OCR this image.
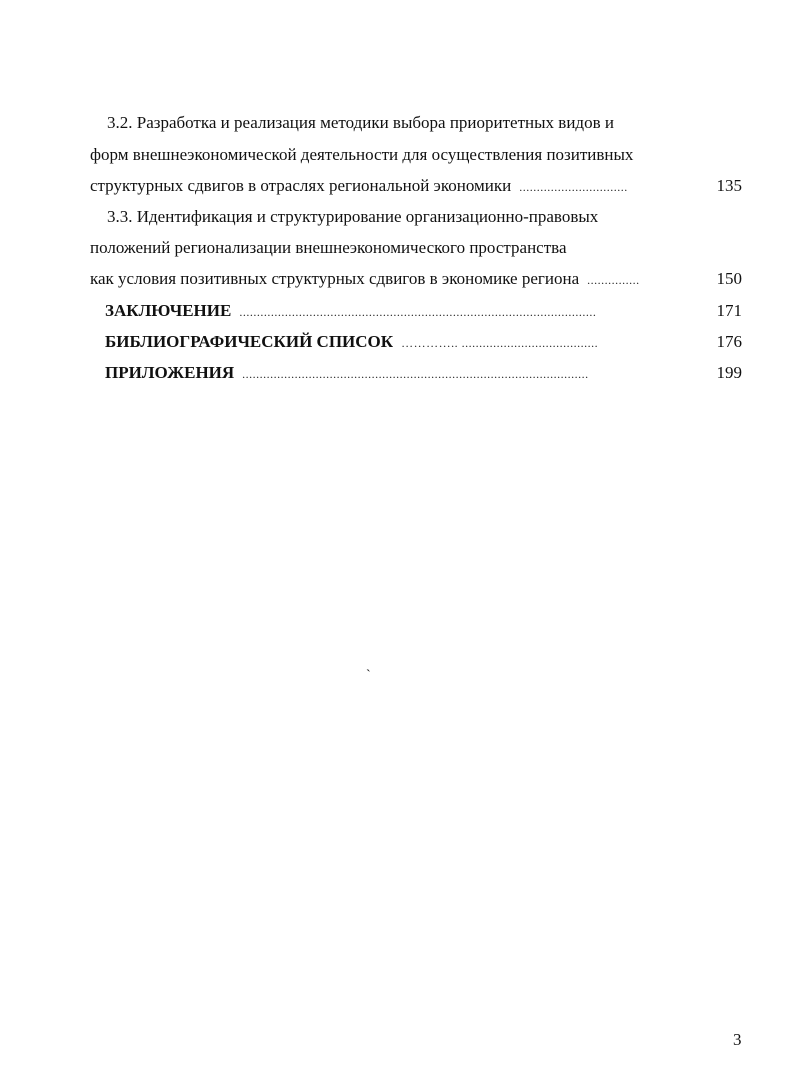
3.2. Разработка и реализация методики выбора приоритетных видов и
форм внешнеэкономической деятельности для осуществления позитивных
структурных сдвигов в отраслях региональной экономики ...............................	135
3.3. Идентификация и структурирование организационно-правовых
положений регионализации внешнеэкономического пространства
как условия позитивных структурных сдвигов в экономике региона ...............	150
ЗАКЛЮЧЕНИЕ ......................................................................................................	171
БИБЛИОГРАФИЧЕСКИЙ СПИСОК ………….. .......................................	176
ПРИЛОЖЕНИЯ ...................................................................................................	199
`
3
